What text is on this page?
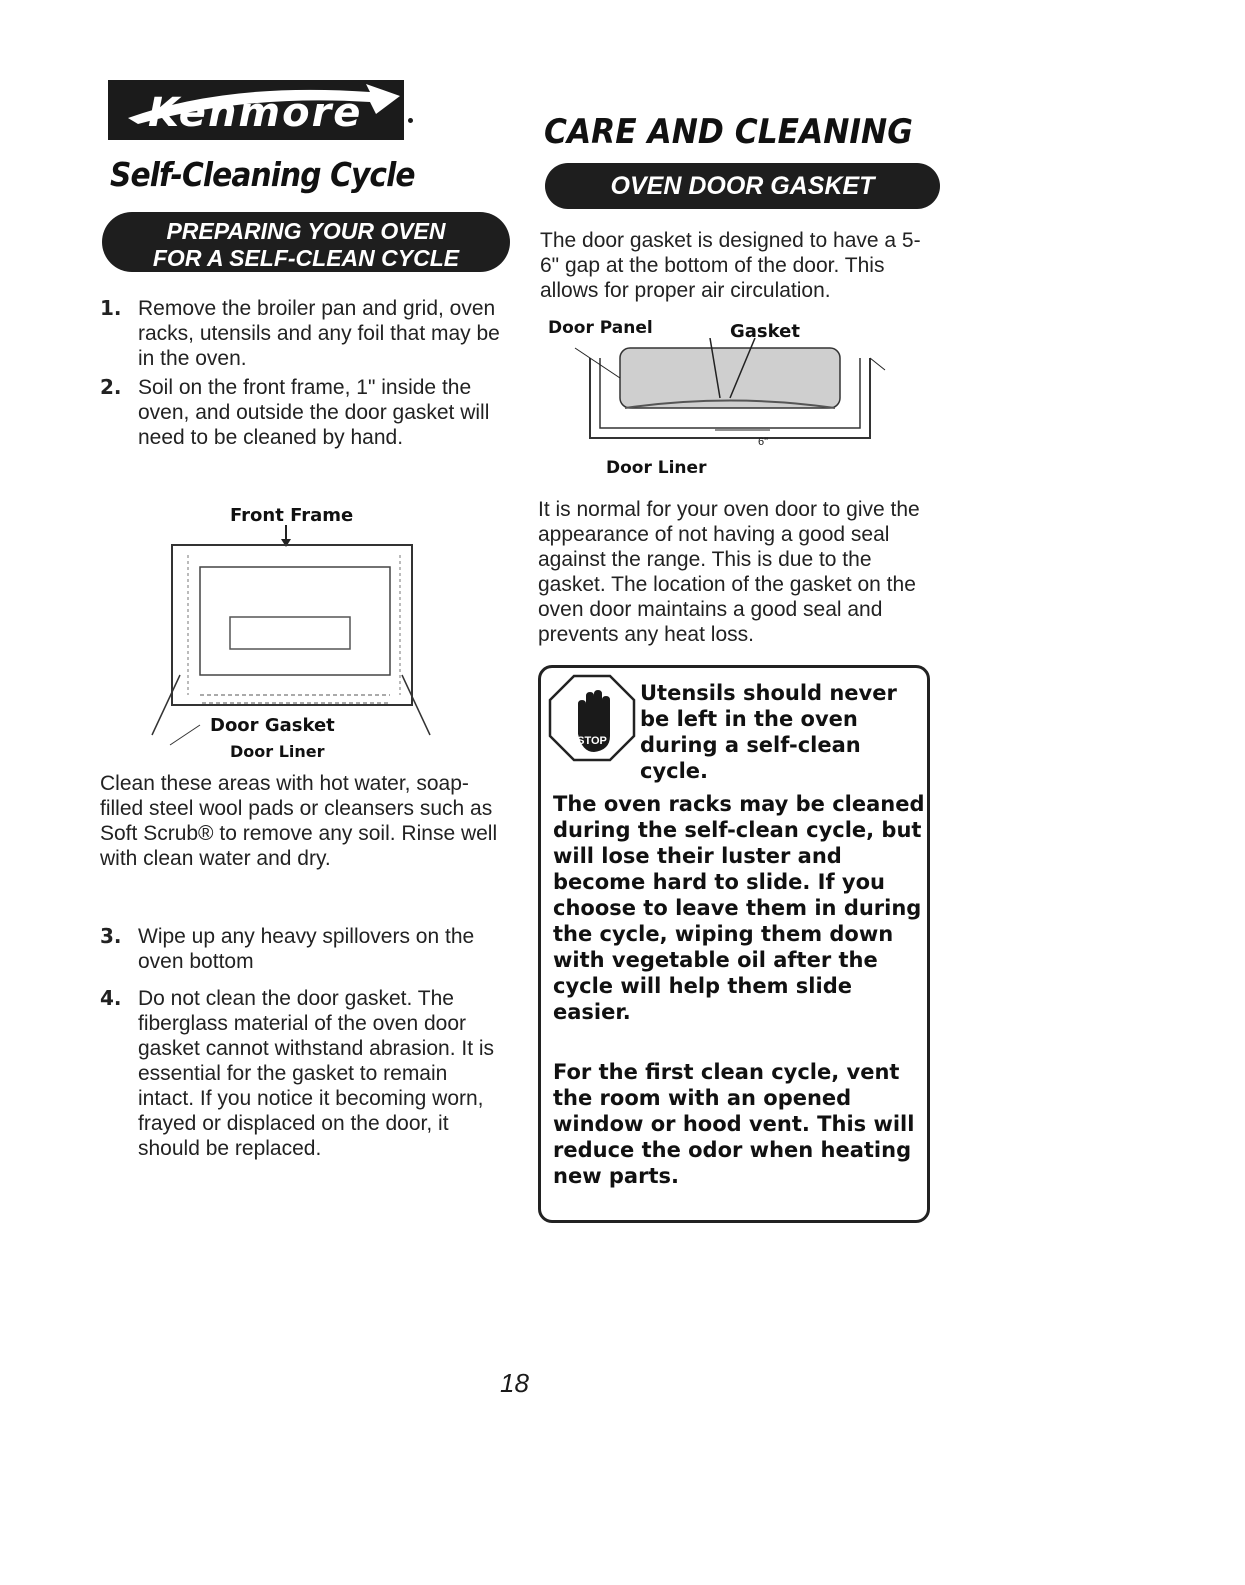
Kenmore
Self-Cleaning Cycle
CARE AND CLEANING
PREPARING YOUR OVEN
FOR A SELF-CLEAN CYCLE
1. Remove the broiler pan and grid, oven racks, utensils and any foil that may be in the oven.
2. Soil on the front frame, 1" inside the oven, and outside the door gasket will need to be cleaned by hand.
Front Frame
Door Gasket
Door Liner
Clean these areas with hot water, soap-filled steel wool pads or cleansers such as Soft Scrub® to remove any soil. Rinse well with clean water and dry.
3. Wipe up any heavy spillovers on the oven bottom
4. Do not clean the door gasket. The fiberglass material of the oven door gasket cannot withstand abrasion. It is essential for the gasket to remain intact. If you notice it becoming worn, frayed or displaced on the door, it should be replaced.
OVEN DOOR GASKET
The door gasket is designed to have a 5-6" gap at the bottom of the door. This allows for proper air circulation.
Door Panel	Gasket
6"
Door Liner
It is normal for your oven door to give the appearance of not having a good seal against the range. This is due to the gasket. The location of the gasket on the oven door maintains a good seal and prevents any heat loss.
STOP
Utensils should never be left in the oven during a self-clean cycle.
The oven racks may be cleaned during the self-clean cycle, but will lose their luster and become hard to slide. If you choose to leave them in during the cycle, wiping them down with vegetable oil after the cycle will help them slide easier.
For the first clean cycle, vent the room with an opened window or hood vent. This will reduce the odor when heating new parts.
18
